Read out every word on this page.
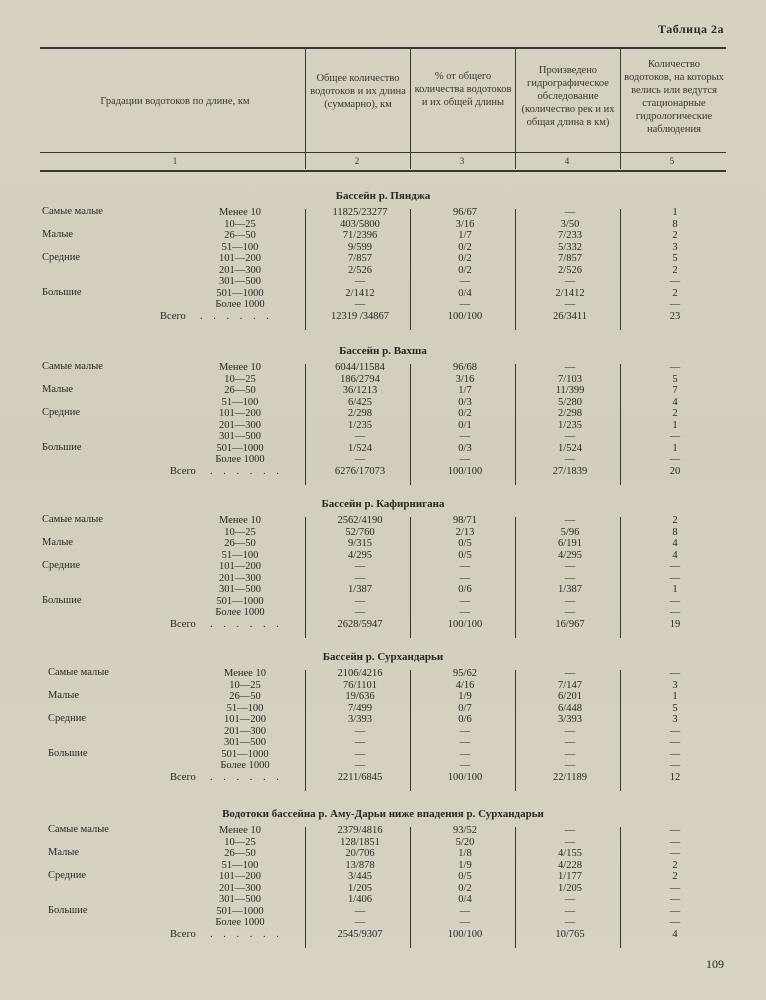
Таблица 2а
Градации водотоков по длине, км
Общее количество водотоков и их длина (суммарно), км
% от общего количества водотоков и их общей длины
Произведено гидрографическое обследование (количество рек и их общая длина в км)
Количество водотоков, на которых велись или ведутся стационарные гидрологические наблюдения
1	2	3	4	5
Бассейн р. Пянджа
Самые малые	Менее 10	11825/23277	96/67	—	1
10—25	403/5800	3/16	3/50	8
Малые	26—50	71/2396	1/7	7/233	2
51—100	9/599	0/2	5/332	3
Средние	101—200	7/857	0/2	7/857	5
201—300	2/526	0/2	2/526	2
301—500	—	—	—	—
Большие	501—1000	2/1412	0/4	2/1412	2
Более 1000	—	—	—	—
Всего	. . . . . .	12319 /34867	100/100	26/3411	23
Бассейн р. Вахша
Самые малые	Менее 10	6044/11584	96/68	—	—
10—25	186/2794	3/16	7/103	5
Малые	26—50	36/1213	1/7	11/399	7
51—100	6/425	0/3	5/280	4
Средние	101—200	2/298	0/2	2/298	2
201—300	1/235	0/1	1/235	1
301—500	—	—	—	—
Большие	501—1000	1/524	0/3	1/524	1
Более 1000	—	—	—	—
Всего	. . . . . .	6276/17073	100/100	27/1839	20
Бассейн р. Кафирнигана
Самые малые	Менее 10	2562/4190	98/71	—	2
10—25	52/760	2/13	5/96	8
Малые	26—50	9/315	0/5	6/191	4
51—100	4/295	0/5	4/295	4
Средние	101—200	—	—	—	—
201—300	—	—	—	—
301—500	1/387	0/6	1/387	1
Большие	501—1000	—	—	—	—
Более 1000	—	—	—	—
Всего	. . . . . .	2628/5947	100/100	16/967	19
Бассейн р. Сурхандарьи
Самые малые	Менее 10	2106/4216	95/62	—	—
10—25	76/1101	4/16	7/147	3
Малые	26—50	19/636	1/9	6/201	1
51—100	7/499	0/7	6/448	5
Средние	101—200	3/393	0/6	3/393	3
201—300	—	—	—	—
301—500	—	—	—	—
Большие	501—1000	—	—	—	—
Более 1000	—	—	—	—
Всего	. . . . . .	2211/6845	100/100	22/1189	12
Водотоки бассейна р. Аму-Дарьи ниже впадения р. Сурхандарьи
Самые малые	Менее 10	2379/4816	93/52	—	—
10—25	128/1851	5/20	—	—
Малые	26—50	20/706	1/8	4/155	—
51—100	13/878	1/9	4/228	2
Средние	101—200	3/445	0/5	1/177	2
201—300	1/205	0/2	1/205	—
301—500	1/406	0/4	—	—
Большие	501—1000	—	—	—	—
Более 1000	—	—	—	—
Всего	. . . . . .	2545/9307	100/100	10/765	4
109
